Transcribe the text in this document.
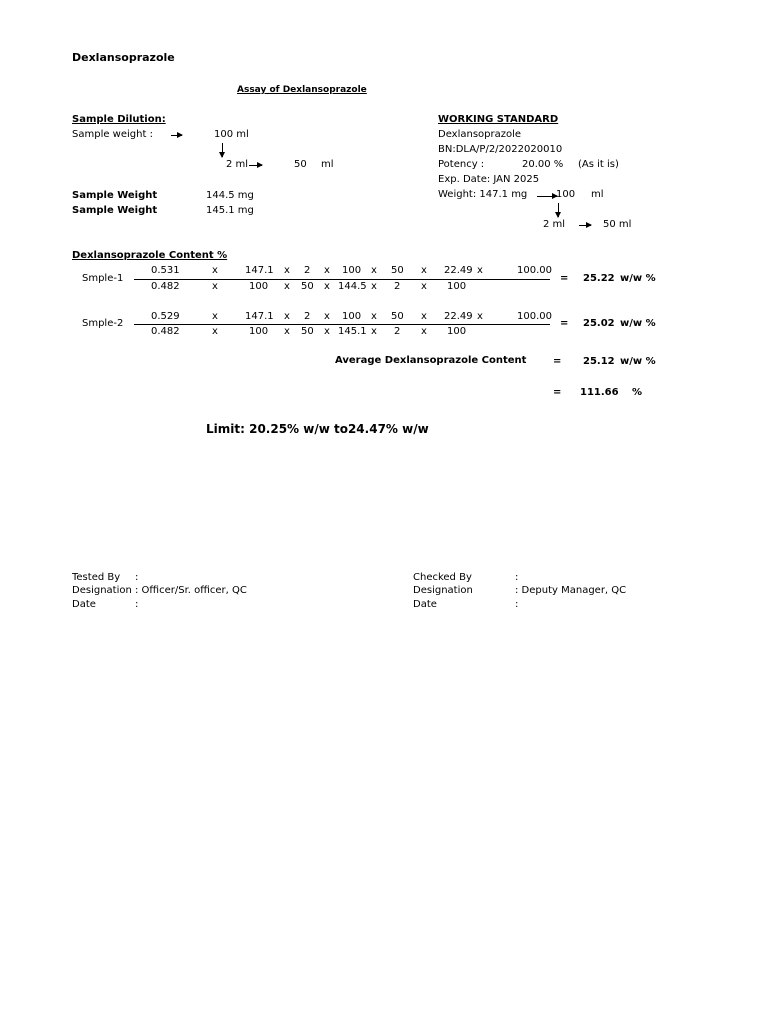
Dexlansoprazole
Assay of Dexlansoprazole
Sample Dilution:
Sample weight :	100 ml
2 ml	50 ml
Sample Weight	144.5 mg
Sample Weight	145.1 mg
WORKING STANDARD
Dexlansoprazole
BN:DLA/P/2/2022020010
Potency :	20.00 % (As it is)
Exp. Date: JAN 2025
Weight: 147.1 mg	100 ml
2 ml	50 ml
Dexlansoprazole Content %
Smple-1
0.531	x	147.1 x 2 x 100 x 50 x 22.49 x	100.00
0.482	x	100 x 50 x 144.5 x 2 x 100
= 25.22 w/w %
Smple-2
0.529	x	147.1 x 2 x 100 x 50 x 22.49 x	100.00
0.482	x	100 x 50 x 145.1 x 2 x 100
= 25.02 w/w %
Average Dexlansoprazole Content	= 25.12 w/w %
= 111.66 %
Limit: 20.25% w/w to24.47% w/w
Tested By :
Designation : Officer/Sr. officer, QC
Date	:
Checked By	:
Designation	: Deputy Manager, QC
Date	:
